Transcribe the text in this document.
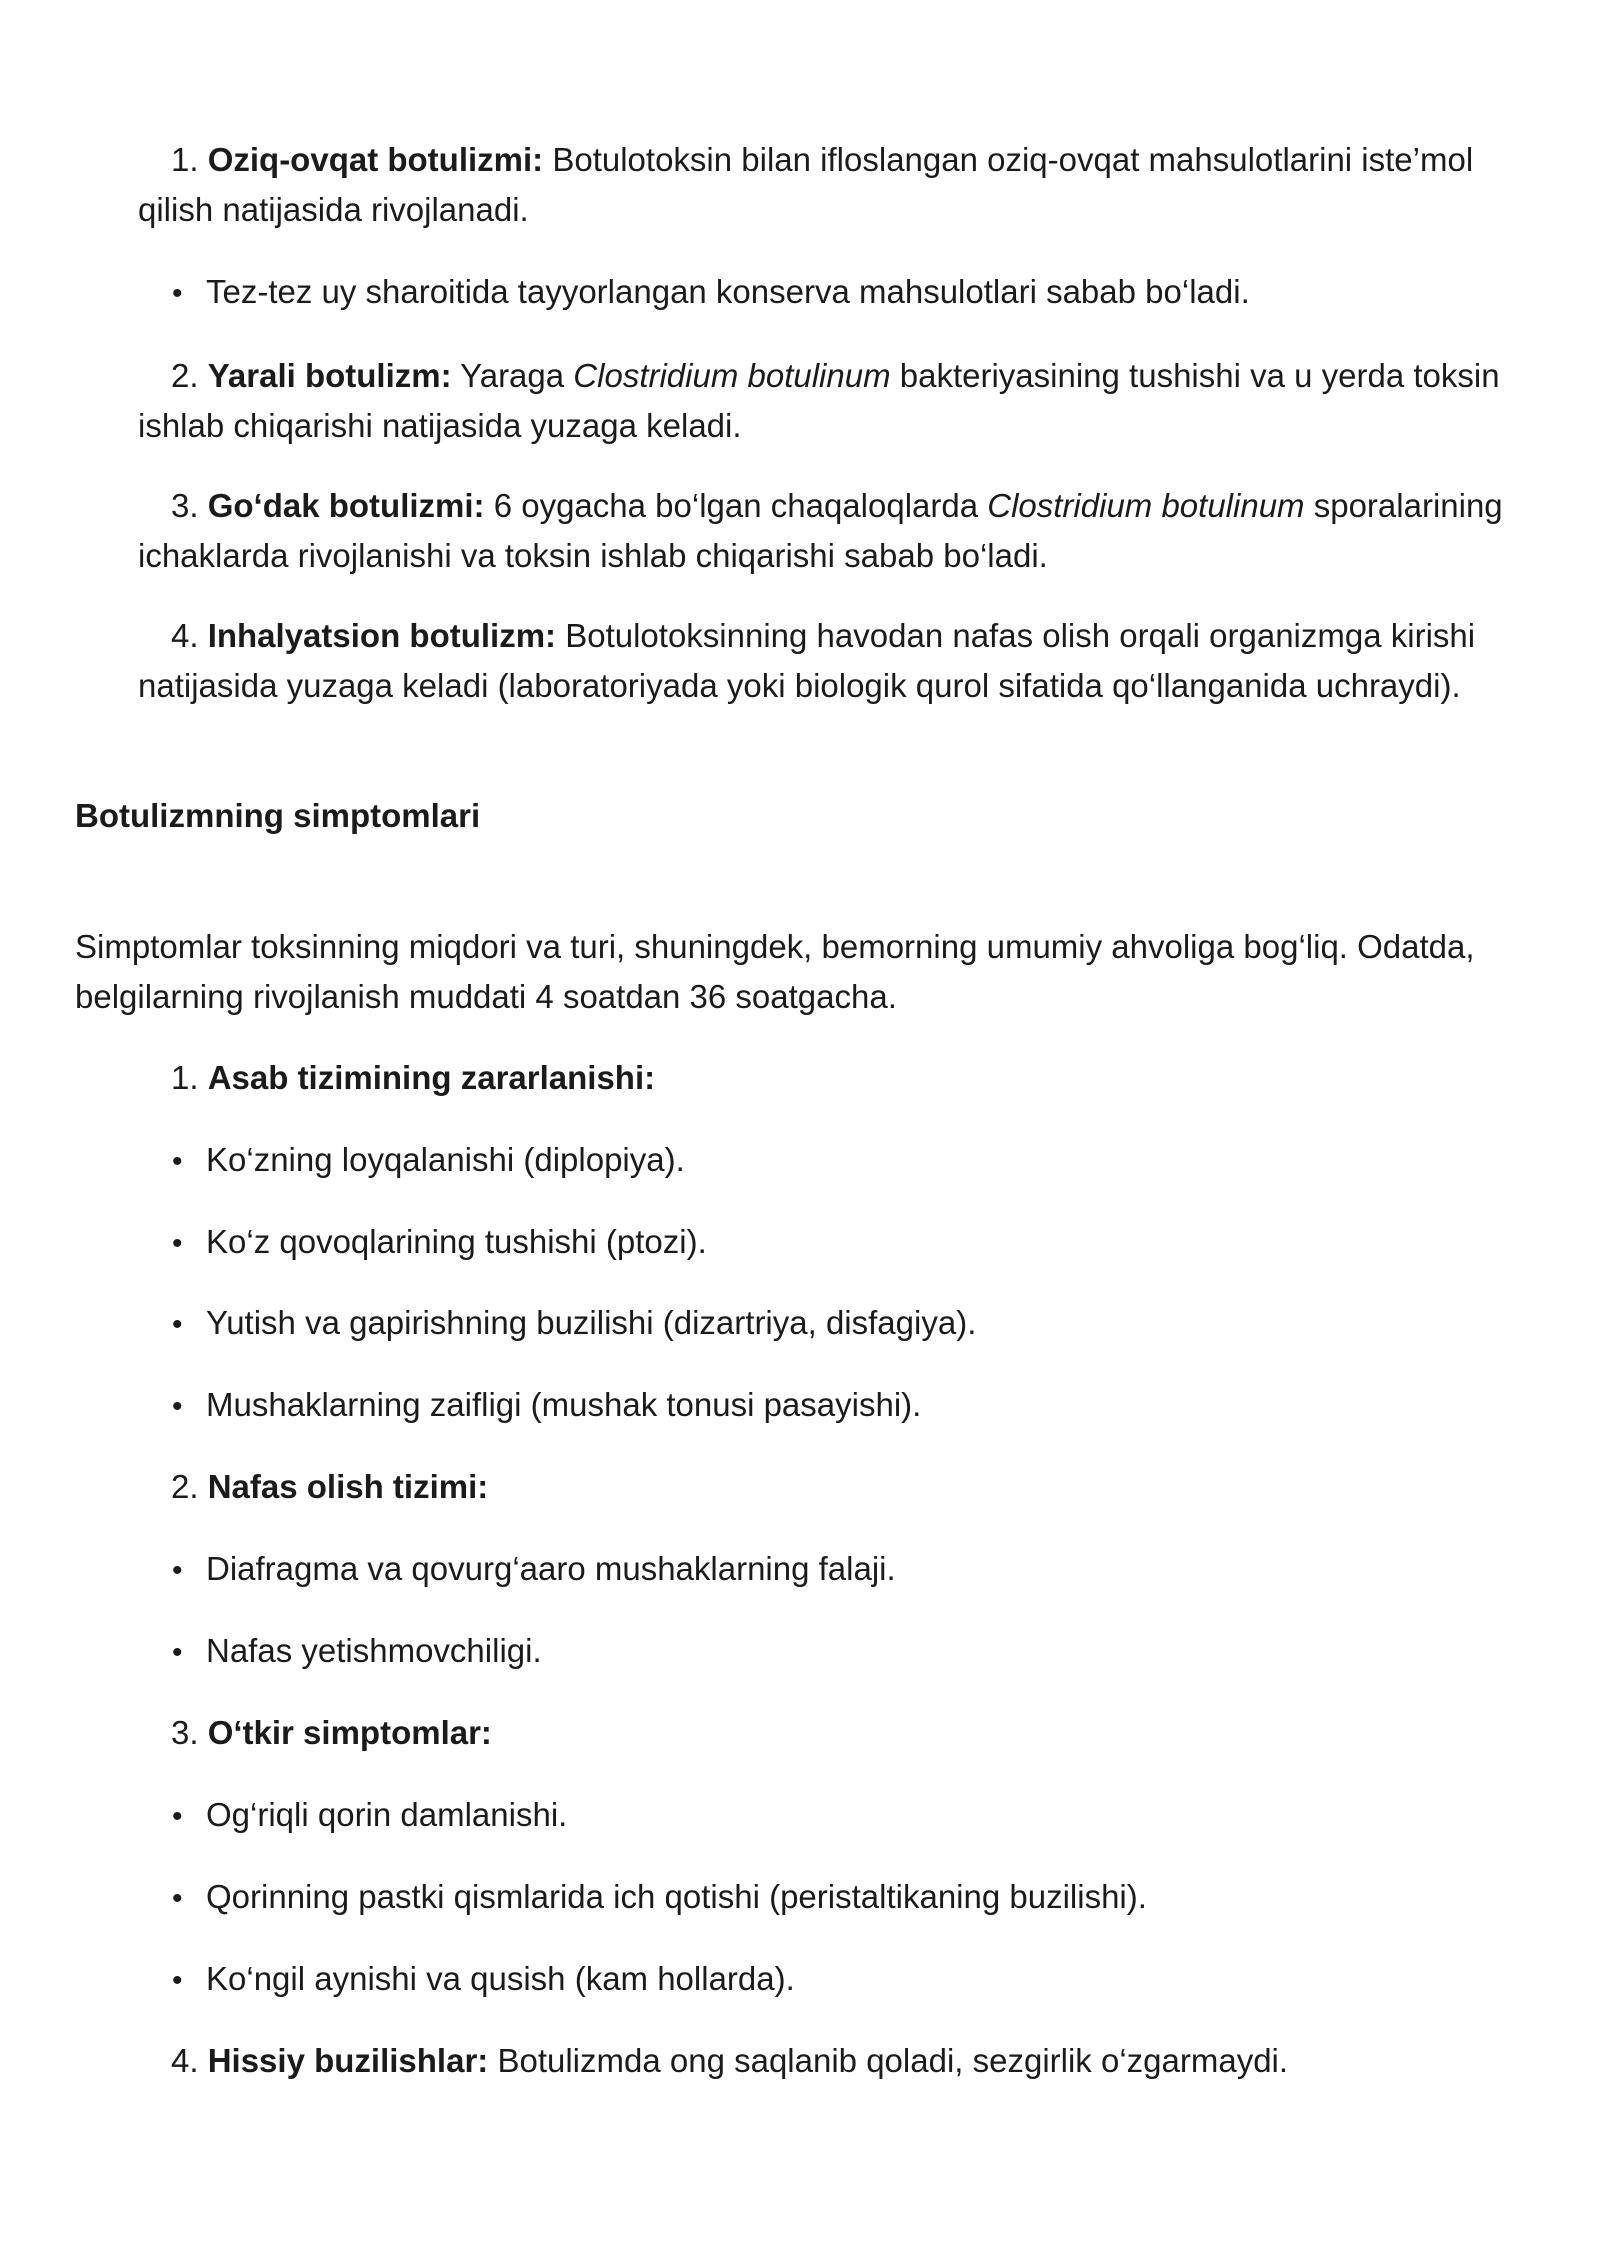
1. Oziq-ovqat botulizmi: Botulotoksin bilan ifloslangan oziq-ovqat mahsulotlarini iste’mol qilish natijasida rivojlanadi.

• Tez-tez uy sharoitida tayyorlangan konserva mahsulotlari sabab bo‘ladi.

2. Yarali botulizm: Yaraga Clostridium botulinum bakteriyasining tushishi va u yerda toksin ishlab chiqarishi natijasida yuzaga keladi.

3. Go‘dak botulizmi: 6 oygacha bo‘lgan chaqaloqlarda Clostridium botulinum sporalarining ichaklarda rivojlanishi va toksin ishlab chiqarishi sabab bo‘ladi.

4. Inhalyatsion botulizm: Botulotoksinning havodan nafas olish orqali organizmga kirishi natijasida yuzaga keladi (laboratoriyada yoki biologik qurol sifatida qo‘llanganida uchraydi).

Botulizmning simptomlari

Simptomlar toksinning miqdori va turi, shuningdek, bemorning umumiy ahvoliga bog‘liq. Odatda, belgilarning rivojlanish muddati 4 soatdan 36 soatgacha.

1. Asab tizimining zararlanishi:

• Ko‘zning loyqalanishi (diplopiya).

• Ko‘z qovoqlarining tushishi (ptozi).

• Yutish va gapirishning buzilishi (dizartriya, disfagiya).

• Mushaklarning zaifligi (mushak tonusi pasayishi).

2. Nafas olish tizimi:

• Diafragma va qovurg‘aaro mushaklarning falaji.

• Nafas yetishmovchiligi.

3. O‘tkir simptomlar:

• Og‘riqli qorin damlanishi.

• Qorinning pastki qismlarida ich qotishi (peristaltikaning buzilishi).

• Ko‘ngil aynishi va qusish (kam hollarda).

4. Hissiy buzilishlar: Botulizmda ong saqlanib qoladi, sezgirlik o‘zgarmaydi.
